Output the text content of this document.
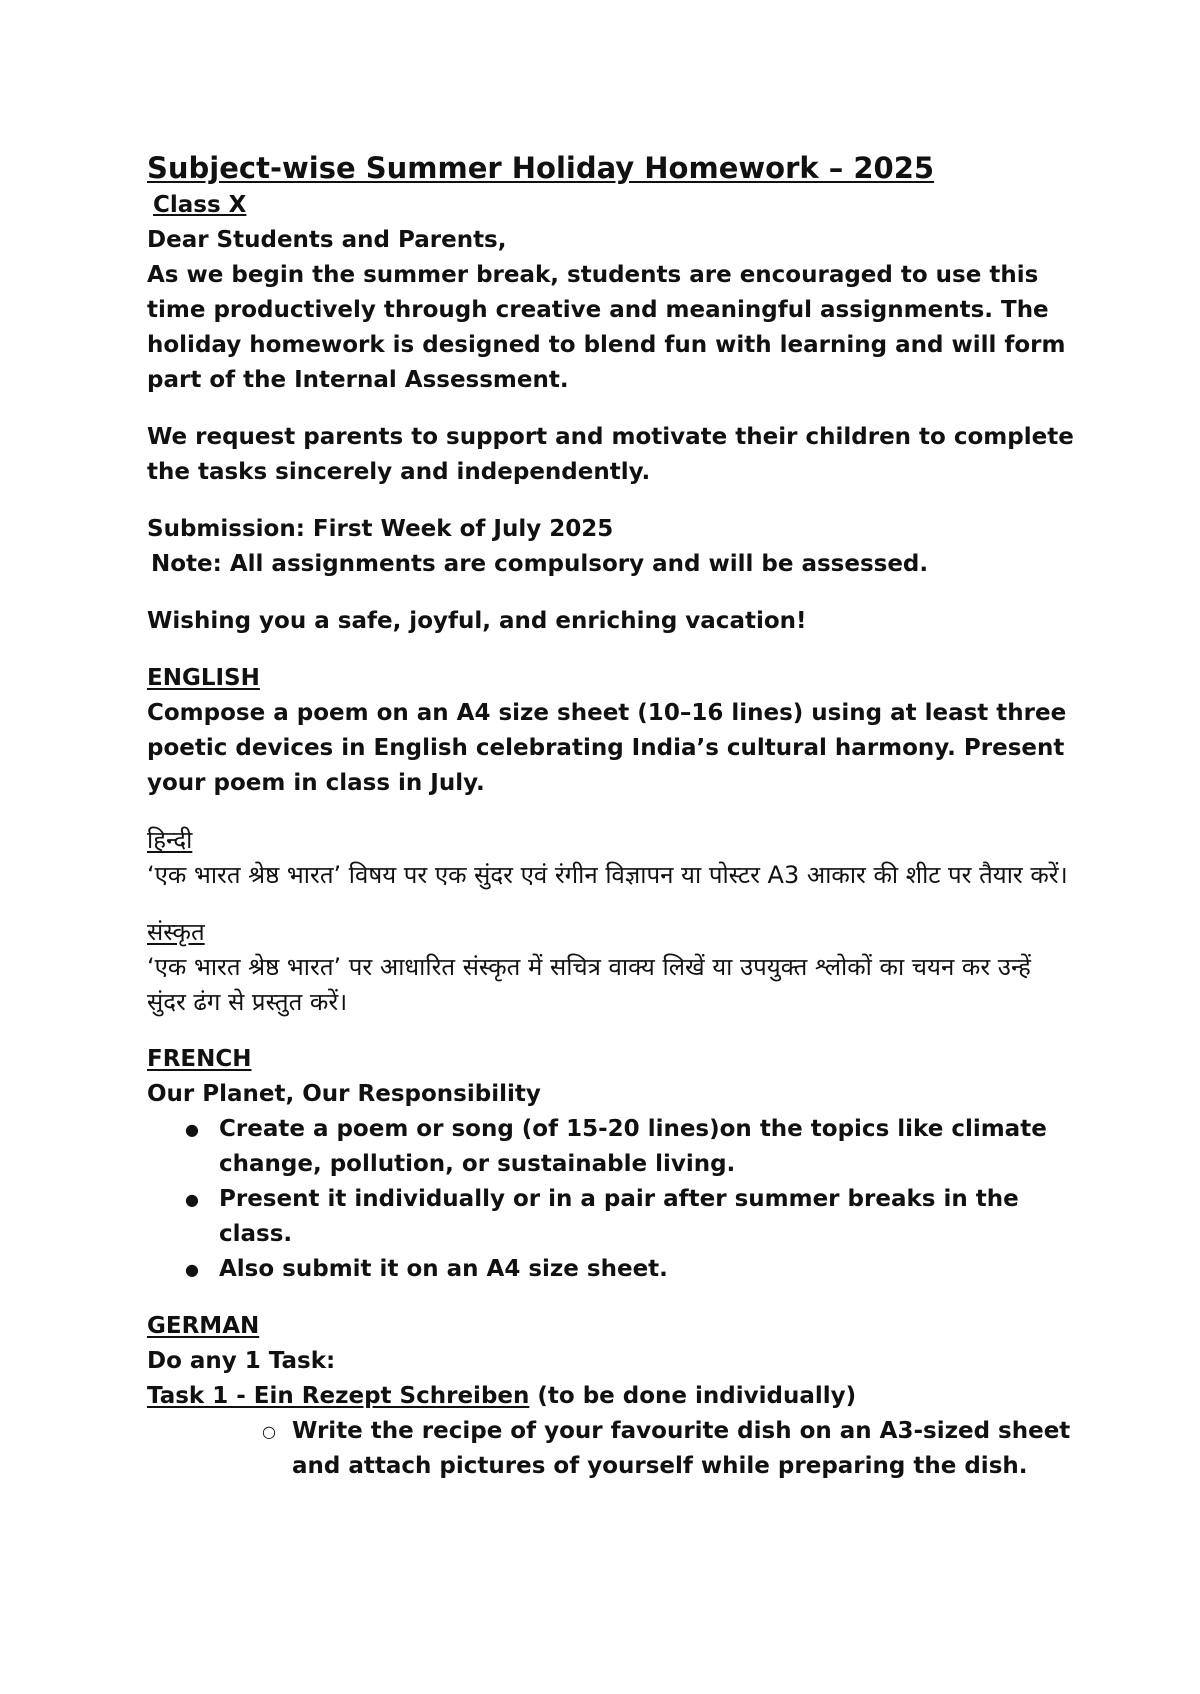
Subject-wise Summer Holiday Homework – 2025
Class X

Dear Students and Parents,

As we begin the summer break, students are encouraged to use this time productively through creative and meaningful assignments. The holiday homework is designed to blend fun with learning and will form part of the Internal Assessment.

We request parents to support and motivate their children to complete the tasks sincerely and independently.

Submission: First Week of July 2025

Note: All assignments are compulsory and will be assessed.

Wishing you a safe, joyful, and enriching vacation!

ENGLISH

Compose a poem on an A4 size sheet (10–16 lines) using at least three poetic devices in English celebrating India’s cultural harmony. Present your poem in class in July.

हिन्दी

‘एक भारत श्रेष्ठ भारत’ विषय पर एक सुंदर एवं रंगीन विज्ञापन या पोस्टर A3 आकार की शीट पर तैयार करें।

संस्कृत

‘एक भारत श्रेष्ठ भारत’ पर आधारित संस्कृत में सचित्र वाक्य लिखें या उपयुक्त श्लोकों का चयन कर उन्हें सुंदर ढंग से प्रस्तुत करें।

FRENCH
Our Planet, Our Responsibility
● Create a poem or song (of 15-20 lines)on the topics like climate change, pollution, or sustainable living.
● Present it individually or in a pair after summer breaks in the class.
● Also submit it on an A4 size sheet.
GERMAN
Do any 1 Task:
Task 1 - Ein Rezept Schreiben (to be done individually)
○ Write the recipe of your favourite dish on an A3-sized sheet and attach pictures of yourself while preparing the dish.
